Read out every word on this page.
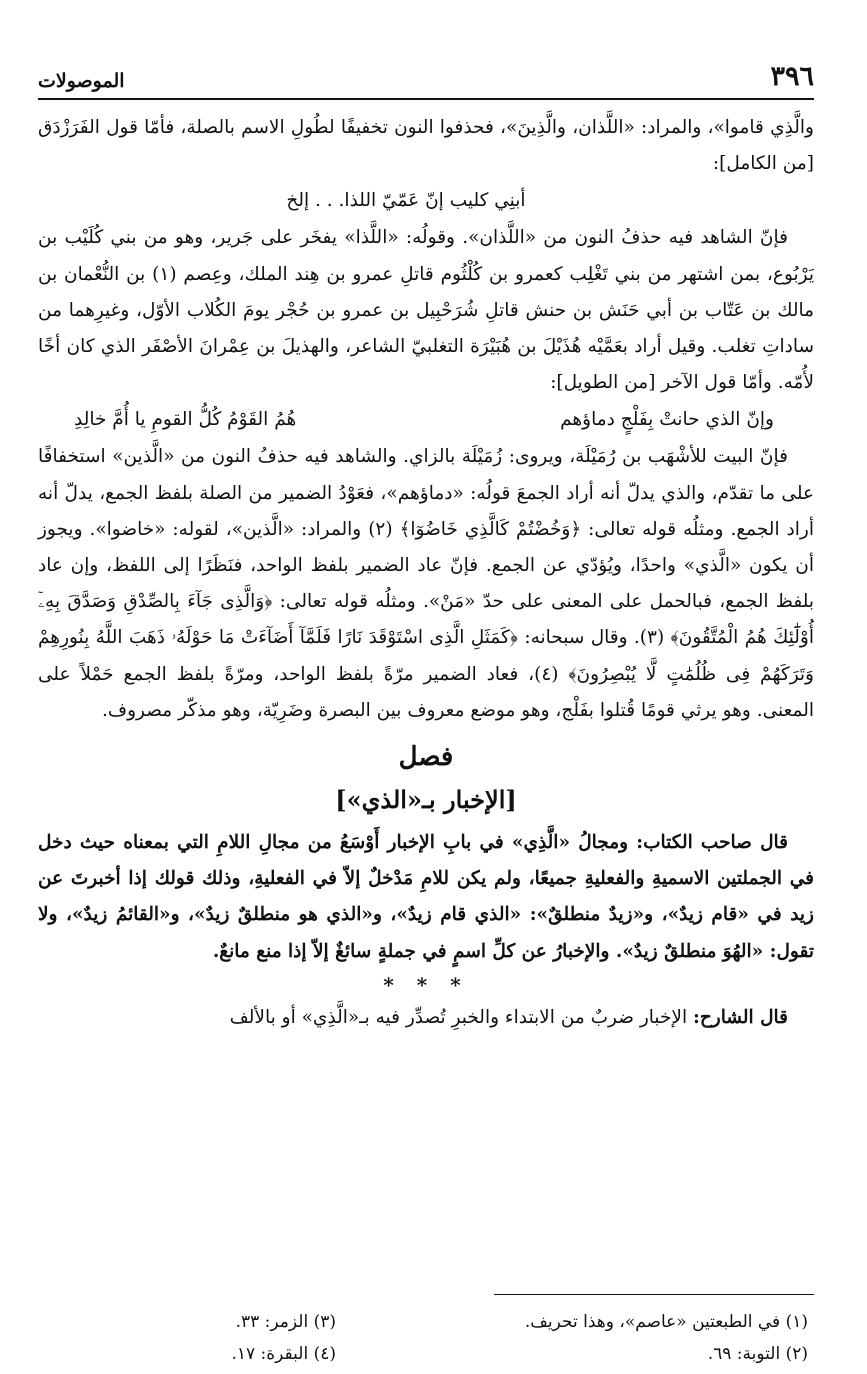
٣٩٦
الموصولات

والَّذِي قاموا»، والمراد: «اللَّذان، والَّذِينَ»، فحذفوا النون تخفيفًا لطُولِ الاسم بالصلة، فأمّا قول الفَرَزْدَق [من الكامل]:

أبنِي كليب إنّ عَمّيّ اللذا. . . إلخ

فإنّ الشاهد فيه حذفُ النون من «اللَّذان». وقولُه: «اللَّذا» يفخَر على جَرير، وهو من بني كُلَيْب بن يَرْبُوع، بمن اشتهر من بني تَغْلِب كعمرو بن كُلْثُوم قاتلِ عمرو بن هِند الملك، وعِصم (١) بن النُّعْمان بن مالك بن عَتّاب بن أبي حَنَش بن حنش قاتلِ شُرَحْبِيل بن عمرو بن حُجْر يومَ الكُلاب الأوّل، وغيرِهما من ساداتِ تغلب. وقيل أراد بعَمَّيْه هُذَيْلَ بن هُبَيْرَة التغلبيّ الشاعر، والهذيلَ بن عِمْرانَ الأصْفَر الذي كان أخًا لأُمّه. وأمّا قول الآخر [من الطويل]:

وإنّ الذي حانتْ بِفَلْجٍ دماؤهم
هُمُ القَوْمُ كُلُّ القومِ يا أُمَّ خالِدِ

فإنّ البيت للأشْهَب بن رُمَيْلَة، ويروى: زُمَيْلَة بالزاي. والشاهد فيه حذفُ النون من «الَّذين» استخفافًا على ما تقدّم، والذي يدلّ أنه أراد الجمعَ قولُه: «دماؤهم»، فعَوْدُ الضمير من الصلة بلفظ الجمع، يدلّ أنه أراد الجمع. ومثلُه قوله تعالى: ﴿وَخُضْتُمْ كَالَّذِي خَاضُوٓا﴾ (٢) والمراد: «الَّذين»، لقوله: «خاضوا». ويجوز أن يكون «الَّذي» واحدًا، ويُؤدّي عن الجمع. فإنّ عاد الضمير بلفظ الواحد، فنَظَرًا إلى اللفظ، وإن عاد بلفظ الجمع، فبالحمل على المعنى على حدّ «مَنْ». ومثلُه قوله تعالى: ﴿وَالَّذِى جَآءَ بِالصِّدْقِ وَصَدَّقَ بِهِۦٓ أُوْلَٰٓئِكَ هُمُ الْمُتَّقُونَ﴾ (٣). وقال سبحانه: ﴿كَمَثَلِ الَّذِى اسْتَوْقَدَ نَارًا فَلَمَّآ أَضَآءَتْ مَا حَوْلَهُۥ ذَهَبَ اللَّهُ بِنُورِهِمْ وَتَرَكَهُمْ فِى ظُلُمَٰتٍ لَّا يُبْصِرُونَ﴾ (٤)، فعاد الضمير مرّةً بلفظ الواحد، ومرّةً بلفظ الجمع حَمْلاً على المعنى. وهو يرثي قومًا قُتلوا بفَلْج، وهو موضع معروف بين البصرة وضَرِيّة، وهو مذكّر مصروف.

فصل
[الإخبار بـ«الذي»]

قال صاحب الكتاب: ومجالُ «الَّذِي» في بابِ الإخبار أَوْسَعُ من مجالِ اللامِ التي بمعناه حيث دخل في الجملتين الاسميةِ والفعليةِ جميعًا، ولم يكن للامِ مَدْخلٌ إلاّ في الفعليةِ، وذلك قولك إذا أخبرتَ عن زيد في «قام زيدٌ»، و«زيدٌ منطلقٌ»: «الذي قام زيدٌ»، و«الذي هو منطلقٌ زيدٌ»، و«القائمُ زيدٌ»، ولا تقول: «الهُوَ منطلقٌ زيدٌ». والإخبارُ عن كلِّ اسمٍ في جملةٍ سائغٌ إلاّ إذا منع مانعٌ.

* * *

قال الشارح: الإخبار ضربٌ من الابتداء والخبرِ تُصدِّر فيه بـ«الَّذِي» أو بالألف

(١) في الطبعتين «عاصم»، وهذا تحريف.
(٣) الزمر: ٣٣.
(٢) التوبة: ٦٩.
(٤) البقرة: ١٧.
